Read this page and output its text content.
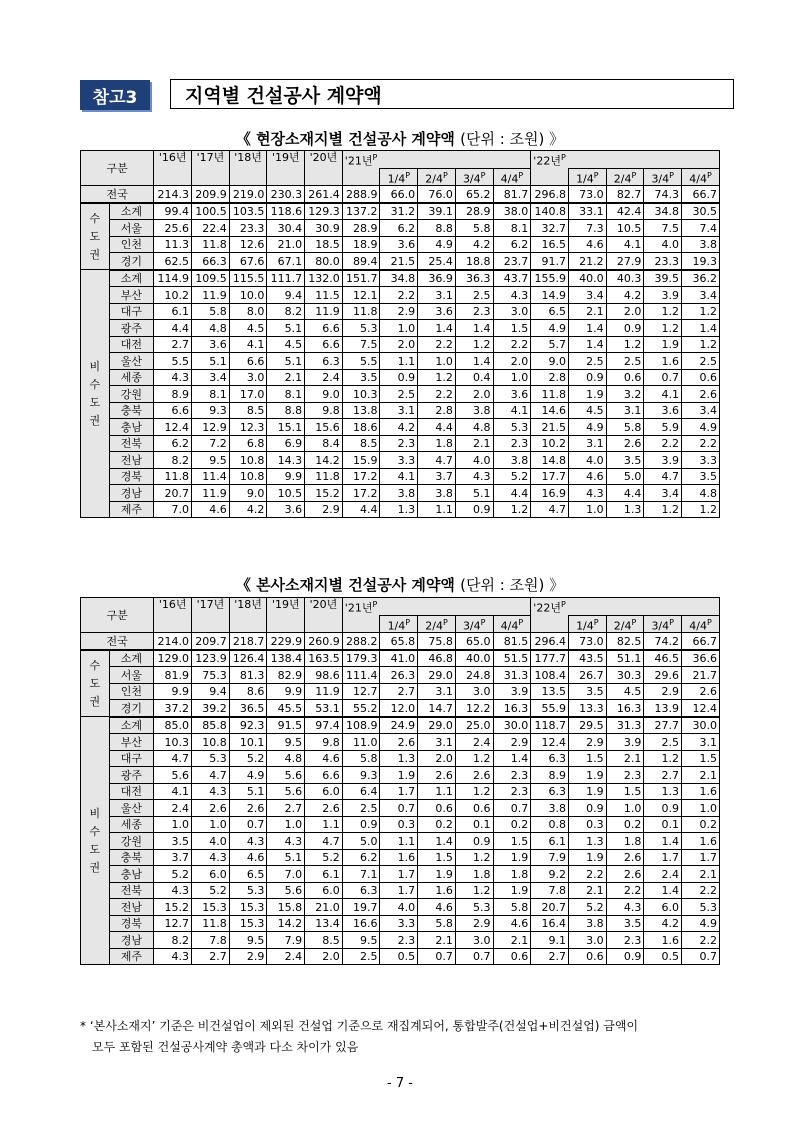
참고3	지역별 건설공사 계약액
《 현장소재지별 건설공사 계약액 (단위 : 조원) 》
구분		'16년	'17년	'18년	'19년	'20년	'21년$^P$					'22년$^P$
								$1/4^P$	$2/4^P$	$3/4^P$	$4/4^P$		$1/4^P$	$2/4^P$	$3/4^P$	$4/4^P$
전국		214.3	209.9	219.0	230.3	261.4	288.9	66.0	76.0	65.2	81.7	296.8	73.0	82.7	74.3	66.7

수
도
권	소계	99.4	100.5	103.5	118.6	129.3	137.2	31.2	39.1	28.9	38.0	140.8	33.1	42.4	34.8	30.5
	서울	25.6	22.4	23.3	30.4	30.9	28.9	6.2	8.8	5.8	8.1	32.7	7.3	10.5	7.5	7.4
	인천	11.3	11.8	12.6	21.0	18.5	18.9	3.6	4.9	4.2	6.2	16.5	4.6	4.1	4.0	3.8
	경기	62.5	66.3	67.6	67.1	80.0	89.4	21.5	25.4	18.8	23.7	91.7	21.2	27.9	23.3	19.3

비
수
도
권	소계	114.9	109.5	115.5	111.7	132.0	151.7	34.8	36.9	36.3	43.7	155.9	40.0	40.3	39.5	36.2
	부산	10.2	11.9	10.0	9.4	11.5	12.1	2.2	3.1	2.5	4.3	14.9	3.4	4.2	3.9	3.4
	대구	6.1	5.8	8.0	8.2	11.9	11.8	2.9	3.6	2.3	3.0	6.5	2.1	2.0	1.2	1.2
	광주	4.4	4.8	4.5	5.1	6.6	5.3	1.0	1.4	1.4	1.5	4.9	1.4	0.9	1.2	1.4
	대전	2.7	3.6	4.1	4.5	6.6	7.5	2.0	2.2	1.2	2.2	5.7	1.4	1.2	1.9	1.2
	울산	5.5	5.1	6.6	5.1	6.3	5.5	1.1	1.0	1.4	2.0	9.0	2.5	2.5	1.6	2.5
	세종	4.3	3.4	3.0	2.1	2.4	3.5	0.9	1.2	0.4	1.0	2.8	0.9	0.6	0.7	0.6
	강원	8.9	8.1	17.0	8.1	9.0	10.3	2.5	2.2	2.0	3.6	11.8	1.9	3.2	4.1	2.6
	충북	6.6	9.3	8.5	8.8	9.8	13.8	3.1	2.8	3.8	4.1	14.6	4.5	3.1	3.6	3.4
	충남	12.4	12.9	12.3	15.1	15.6	18.6	4.2	4.4	4.8	5.3	21.5	4.9	5.8	5.9	4.9
	전북	6.2	7.2	6.8	6.9	8.4	8.5	2.3	1.8	2.1	2.3	10.2	3.1	2.6	2.2	2.2
	전남	8.2	9.5	10.8	14.3	14.2	15.9	3.3	4.7	4.0	3.8	14.8	4.0	3.5	3.9	3.3
	경북	11.8	11.4	10.8	9.9	11.8	17.2	4.1	3.7	4.3	5.2	17.7	4.6	5.0	4.7	3.5
	경남	20.7	11.9	9.0	10.5	15.2	17.2	3.8	3.8	5.1	4.4	16.9	4.3	4.4	3.4	4.8
	제주	7.0	4.6	4.2	3.6	2.9	4.4	1.3	1.1	0.9	1.2	4.7	1.0	1.3	1.2	1.2
《 본사소재지별 건설공사 계약액 (단위 : 조원) 》
구분		'16년	'17년	'18년	'19년	'20년	'21년$^P$					'22년$^P$
								$1/4^P$	$2/4^P$	$3/4^P$	$4/4^P$		$1/4^P$	$2/4^P$	$3/4^P$	$4/4^P$
전국		214.0	209.7	218.7	229.9	260.9	288.2	65.8	75.8	65.0	81.5	296.4	73.0	82.5	74.2	66.7

수
도
권	소계	129.0	123.9	126.4	138.4	163.5	179.3	41.0	46.8	40.0	51.5	177.7	43.5	51.1	46.5	36.6
	서울	81.9	75.3	81.3	82.9	98.6	111.4	26.3	29.0	24.8	31.3	108.4	26.7	30.3	29.6	21.7
	인천	9.9	9.4	8.6	9.9	11.9	12.7	2.7	3.1	3.0	3.9	13.5	3.5	4.5	2.9	2.6
	경기	37.2	39.2	36.5	45.5	53.1	55.2	12.0	14.7	12.2	16.3	55.9	13.3	16.3	13.9	12.4

비
수
도
권	소계	85.0	85.8	92.3	91.5	97.4	108.9	24.9	29.0	25.0	30.0	118.7	29.5	31.3	27.7	30.0
	부산	10.3	10.8	10.1	9.5	9.8	11.0	2.6	3.1	2.4	2.9	12.4	2.9	3.9	2.5	3.1
	대구	4.7	5.3	5.2	4.8	4.6	5.8	1.3	2.0	1.2	1.4	6.3	1.5	2.1	1.2	1.5
	광주	5.6	4.7	4.9	5.6	6.6	9.3	1.9	2.6	2.6	2.3	8.9	1.9	2.3	2.7	2.1
	대전	4.1	4.3	5.1	5.6	6.0	6.4	1.7	1.1	1.2	2.3	6.3	1.9	1.5	1.3	1.6
	울산	2.4	2.6	2.6	2.7	2.6	2.5	0.7	0.6	0.6	0.7	3.8	0.9	1.0	0.9	1.0
	세종	1.0	1.0	0.7	1.0	1.1	0.9	0.3	0.2	0.1	0.2	0.8	0.3	0.2	0.1	0.2
	강원	3.5	4.0	4.3	4.3	4.7	5.0	1.1	1.4	0.9	1.5	6.1	1.3	1.8	1.4	1.6
	충북	3.7	4.3	4.6	5.1	5.2	6.2	1.6	1.5	1.2	1.9	7.9	1.9	2.6	1.7	1.7
	충남	5.2	6.0	6.5	7.0	6.1	7.1	1.7	1.9	1.8	1.8	9.2	2.2	2.6	2.4	2.1
	전북	4.3	5.2	5.3	5.6	6.0	6.3	1.7	1.6	1.2	1.9	7.8	2.1	2.2	1.4	2.2
	전남	15.2	15.3	15.3	15.8	21.0	19.7	4.0	4.6	5.3	5.8	20.7	5.2	4.3	6.0	5.3
	경북	12.7	11.8	15.3	14.2	13.4	16.6	3.3	5.8	2.9	4.6	16.4	3.8	3.5	4.2	4.9
	경남	8.2	7.8	9.5	7.9	8.5	9.5	2.3	2.1	3.0	2.1	9.1	3.0	2.3	1.6	2.2
	제주	4.3	2.7	2.9	2.4	2.0	2.5	0.5	0.7	0.7	0.6	2.7	0.6	0.9	0.5	0.7
* ‘본사소재지’ 기준은 비건설업이 제외된 건설업 기준으로 재집계되어, 통합발주(건설업+비건설업) 금액이
모두 포함된 건설공사계약 총액과 다소 차이가 있음
- 7 -
